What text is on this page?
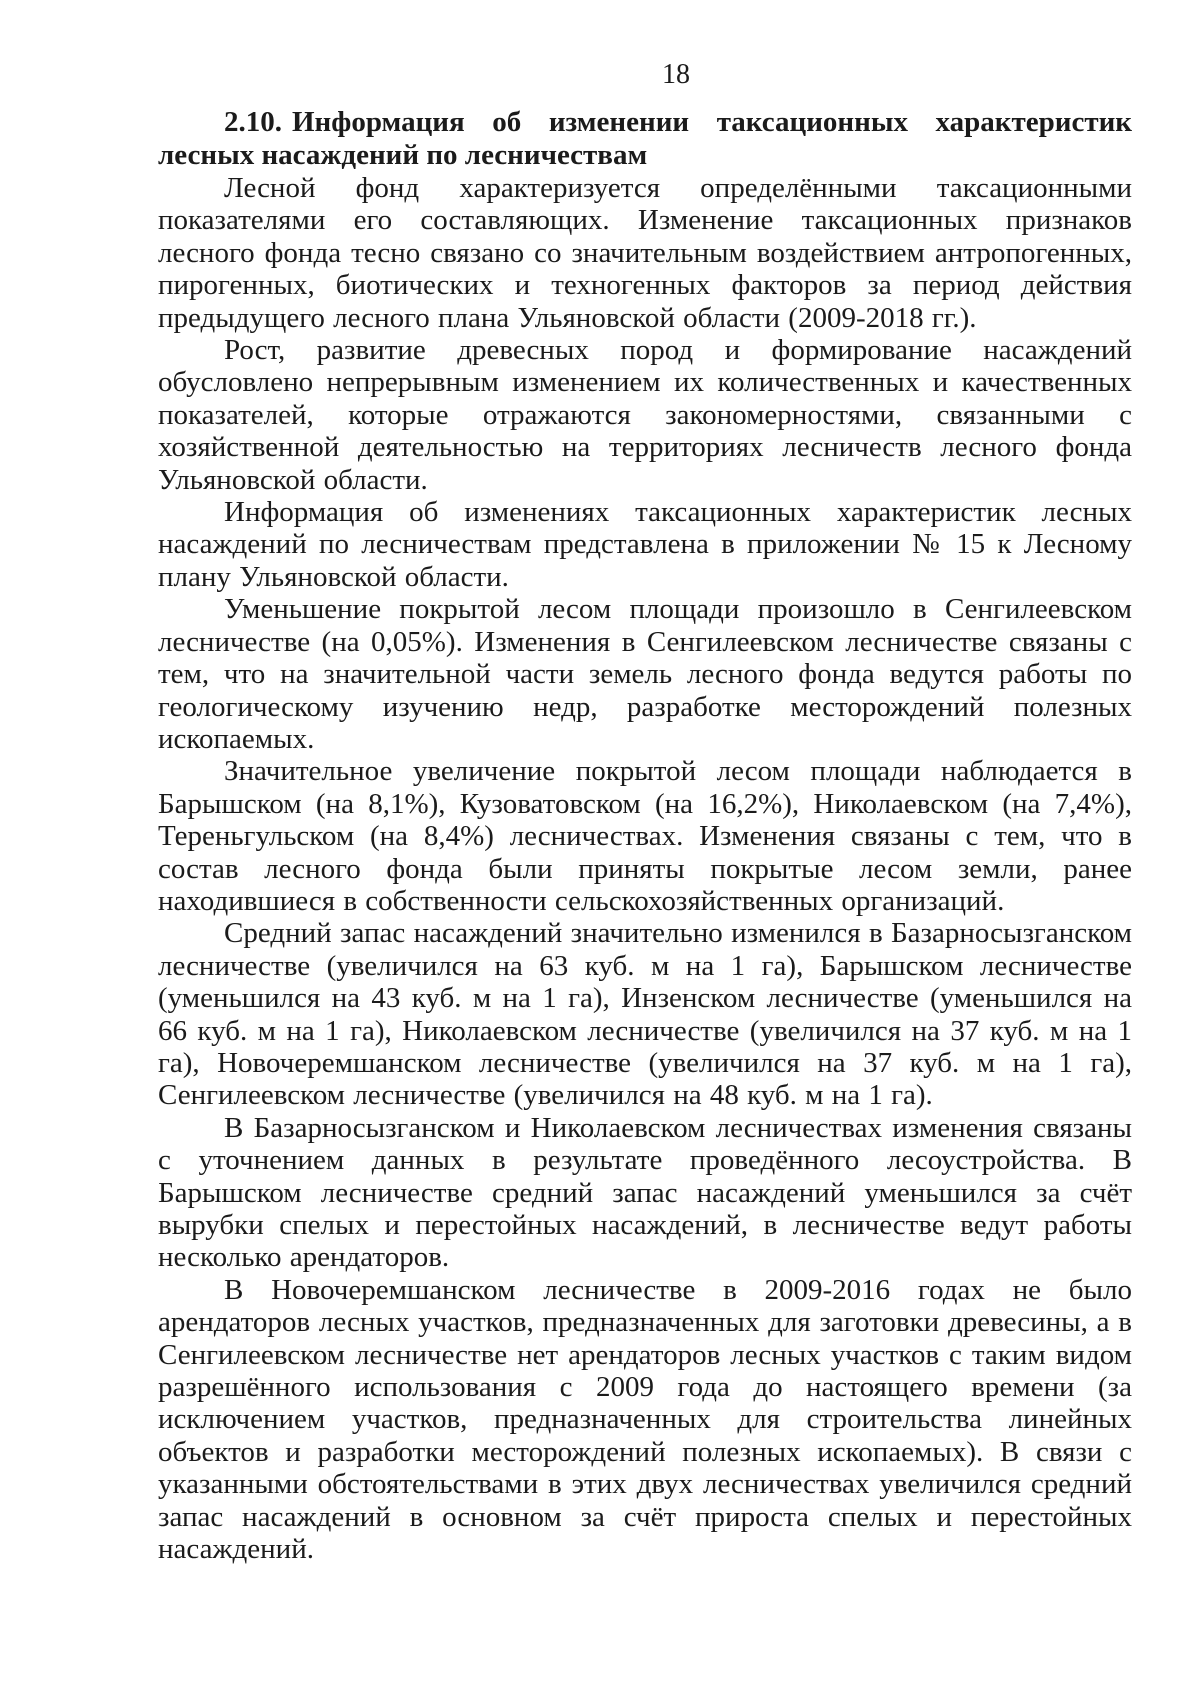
18
2.10. Информация об изменении таксационных характеристик лесных насаждений по лесничествам

Лесной фонд характеризуется определёнными таксационными показателями его составляющих. Изменение таксационных признаков лесного фонда тесно связано со значительным воздействием антропогенных, пирогенных, биотических и техногенных факторов за период действия предыдущего лесного плана Ульяновской области (2009-2018 гг.).

Рост, развитие древесных пород и формирование насаждений обусловлено непрерывным изменением их количественных и качественных показателей, которые отражаются закономерностями, связанными с хозяйственной деятельностью на территориях лесничеств лесного фонда Ульяновской области.

Информация об изменениях таксационных характеристик лесных насаждений по лесничествам представлена в приложении № 15 к Лесному плану Ульяновской области.

Уменьшение покрытой лесом площади произошло в Сенгилеевском лесничестве (на 0,05%). Изменения в Сенгилеевском лесничестве связаны с тем, что на значительной части земель лесного фонда ведутся работы по геологическому изучению недр, разработке месторождений полезных ископаемых.

Значительное увеличение покрытой лесом площади наблюдается в Барышском (на 8,1%), Кузоватовском (на 16,2%), Николаевском (на 7,4%), Тереньгульском (на 8,4%) лесничествах. Изменения связаны с тем, что в состав лесного фонда были приняты покрытые лесом земли, ранее находившиеся в собственности сельскохозяйственных организаций.

Средний запас насаждений значительно изменился в Базарносызганском лесничестве (увеличился на 63 куб. м на 1 га), Барышском лесничестве (уменьшился на 43 куб. м на 1 га), Инзенском лесничестве (уменьшился на 66 куб. м на 1 га), Николаевском лесничестве (увеличился на 37 куб. м на 1 га), Новочеремшанском лесничестве (увеличился на 37 куб. м на 1 га), Сенгилеевском лесничестве (увеличился на 48 куб. м на 1 га).

В Базарносызганском и Николаевском лесничествах изменения связаны с уточнением данных в результате проведённого лесоустройства. В Барышском лесничестве средний запас насаждений уменьшился за счёт вырубки спелых и перестойных насаждений, в лесничестве ведут работы несколько арендаторов.

В Новочеремшанском лесничестве в 2009-2016 годах не было арендаторов лесных участков, предназначенных для заготовки древесины, а в Сенгилеевском лесничестве нет арендаторов лесных участков с таким видом разрешённого использования с 2009 года до настоящего времени (за исключением участков, предназначенных для строительства линейных объектов и разработки месторождений полезных ископаемых). В связи с указанными обстоятельствами в этих двух лесничествах увеличился средний запас насаждений в основном за счёт прироста спелых и перестойных насаждений.
